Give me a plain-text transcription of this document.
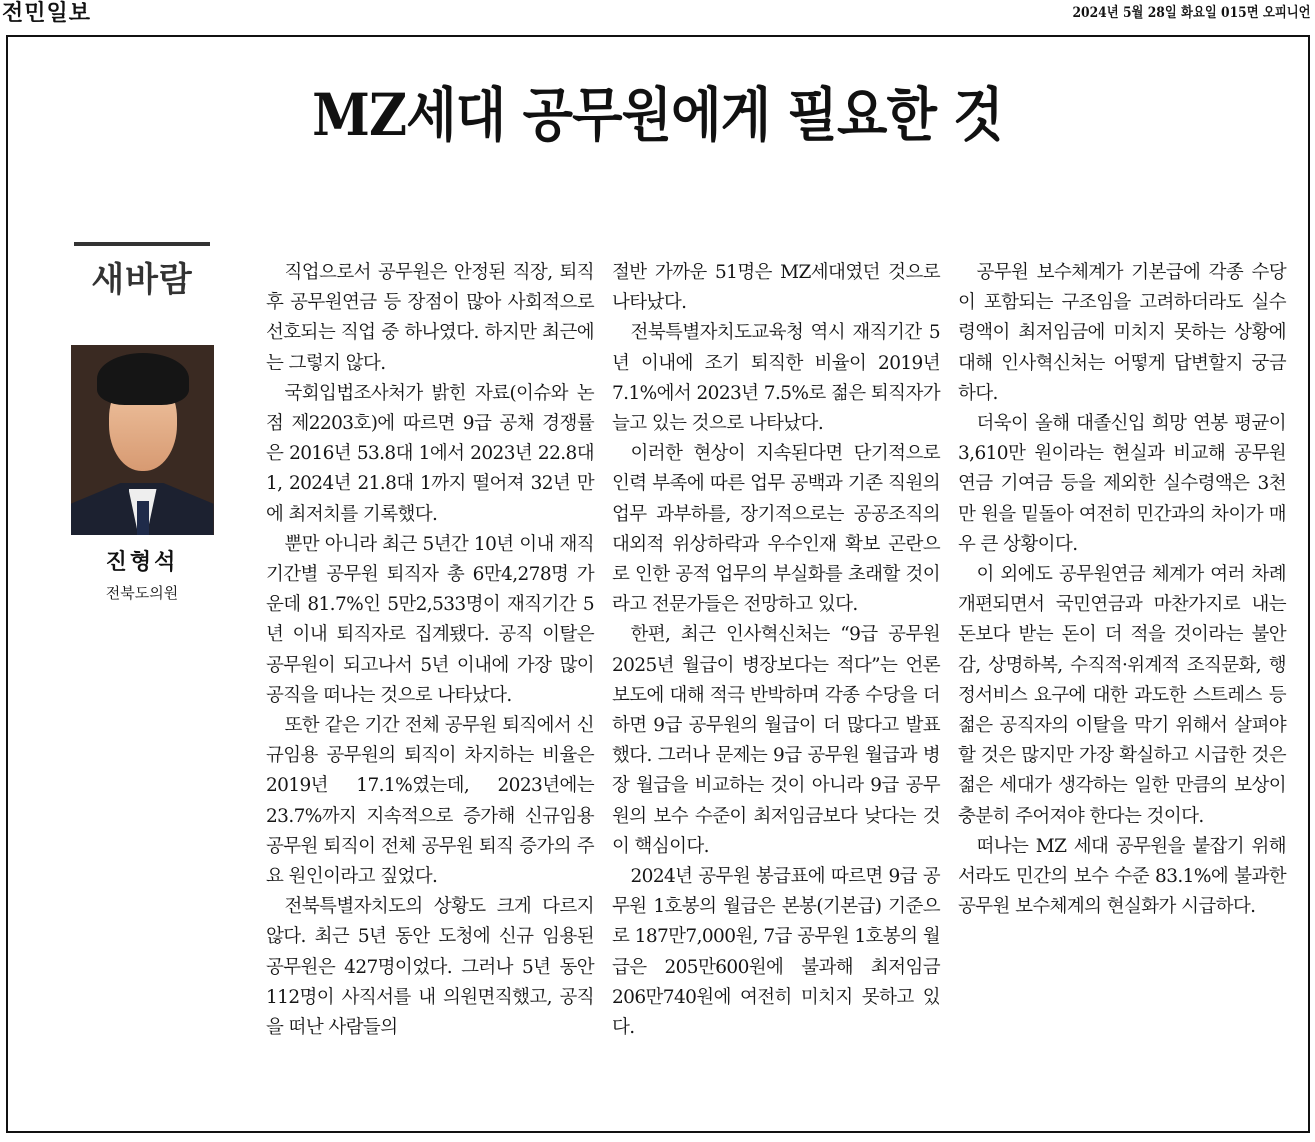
전민일보	2024년 5월 28일 화요일 015면 오피니언
MZ세대 공무원에게 필요한 것
새바람
진형석
전북도의원

직업으로서 공무원은 안정된 직장, 퇴직 후 공무원연금 등 장점이 많아 사회적으로 선호되는 직업 중 하나였다. 하지만 최근에는 그렇지 않다.

국회입법조사처가 밝힌 자료(이슈와 논점 제2203호)에 따르면 9급 공채 경쟁률은 2016년 53.8대 1에서 2023년 22.8대 1, 2024년 21.8대 1까지 떨어져 32년 만에 최저치를 기록했다.

뿐만 아니라 최근 5년간 10년 이내 재직기간별 공무원 퇴직자 총 6만4,278명 가운데 81.7%인 5만2,533명이 재직기간 5년 이내 퇴직자로 집계됐다. 공직 이탈은 공무원이 되고나서 5년 이내에 가장 많이 공직을 떠나는 것으로 나타났다.

또한 같은 기간 전체 공무원 퇴직에서 신규임용 공무원의 퇴직이 차지하는 비율은 2019년 17.1%였는데, 2023년에는 23.7%까지 지속적으로 증가해 신규임용 공무원 퇴직이 전체 공무원 퇴직 증가의 주요 원인이라고 짚었다.

전북특별자치도의 상황도 크게 다르지 않다. 최근 5년 동안 도청에 신규 임용된 공무원은 427명이었다. 그러나 5년 동안 112명이 사직서를 내 의원면직했고, 공직을 떠난 사람들의

절반 가까운 51명은 MZ세대였던 것으로 나타났다.

전북특별자치도교육청 역시 재직기간 5년 이내에 조기 퇴직한 비율이 2019년 7.1%에서 2023년 7.5%로 젊은 퇴직자가 늘고 있는 것으로 나타났다.

이러한 현상이 지속된다면 단기적으로 인력 부족에 따른 업무 공백과 기존 직원의 업무 과부하를, 장기적으로는 공공조직의 대외적 위상하락과 우수인재 확보 곤란으로 인한 공적 업무의 부실화를 초래할 것이라고 전문가들은 전망하고 있다.

한편, 최근 인사혁신처는 “9급 공무원 2025년 월급이 병장보다는 적다”는 언론보도에 대해 적극 반박하며 각종 수당을 더하면 9급 공무원의 월급이 더 많다고 발표했다. 그러나 문제는 9급 공무원 월급과 병장 월급을 비교하는 것이 아니라 9급 공무원의 보수 수준이 최저임금보다 낮다는 것이 핵심이다.

2024년 공무원 봉급표에 따르면 9급 공무원 1호봉의 월급은 본봉(기본급) 기준으로 187만7,000원, 7급 공무원 1호봉의 월급은 205만600원에 불과해 최저임금 206만740원에 여전히 미치지 못하고 있다.

공무원 보수체계가 기본급에 각종 수당이 포함되는 구조임을 고려하더라도 실수령액이 최저임금에 미치지 못하는 상황에 대해 인사혁신처는 어떻게 답변할지 궁금하다.

더욱이 올해 대졸신입 희망 연봉 평균이 3,610만 원이라는 현실과 비교해 공무원연금 기여금 등을 제외한 실수령액은 3천만 원을 밑돌아 여전히 민간과의 차이가 매우 큰 상황이다.

이 외에도 공무원연금 체계가 여러 차례 개편되면서 국민연금과 마찬가지로 내는 돈보다 받는 돈이 더 적을 것이라는 불안감, 상명하복, 수직적·위계적 조직문화, 행정서비스 요구에 대한 과도한 스트레스 등 젊은 공직자의 이탈을 막기 위해서 살펴야 할 것은 많지만 가장 확실하고 시급한 것은 젊은 세대가 생각하는 일한 만큼의 보상이 충분히 주어져야 한다는 것이다.

떠나는 MZ 세대 공무원을 붙잡기 위해서라도 민간의 보수 수준 83.1%에 불과한 공무원 보수체계의 현실화가 시급하다.
